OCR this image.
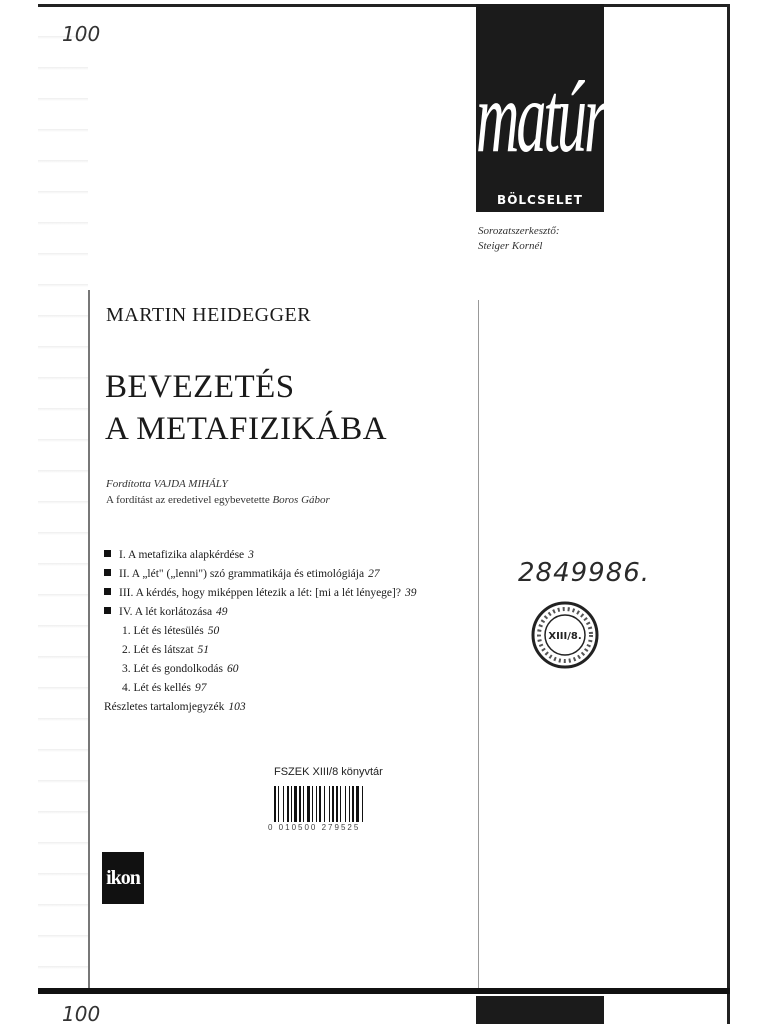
100
matúra
BÖLCSELET
Sorozatszerkesztő:
Steiger Kornél
MARTIN HEIDEGGER
BEVEZETÉS
A METAFIZIKÁBA
Fordította VAJDA MIHÁLY
A fordítást az eredetivel egybevetette Boros Gábor
I. A metafizika alapkérdése 3
II. A „lét" („lenni") szó grammatikája és etimológiája 27
III. A kérdés, hogy miképpen létezik a lét: [mi a lét lényege]? 39
IV. A lét korlátozása 49
1. Lét és létesülés 50
2. Lét és látszat 51
3. Lét és gondolkodás 60
4. Lét és kellés 97
Részletes tartalomjegyzék 103
2849986.
XIII/8.
FSZEK XIII/8 könyvtár
0 010500 279525
ikon
100
